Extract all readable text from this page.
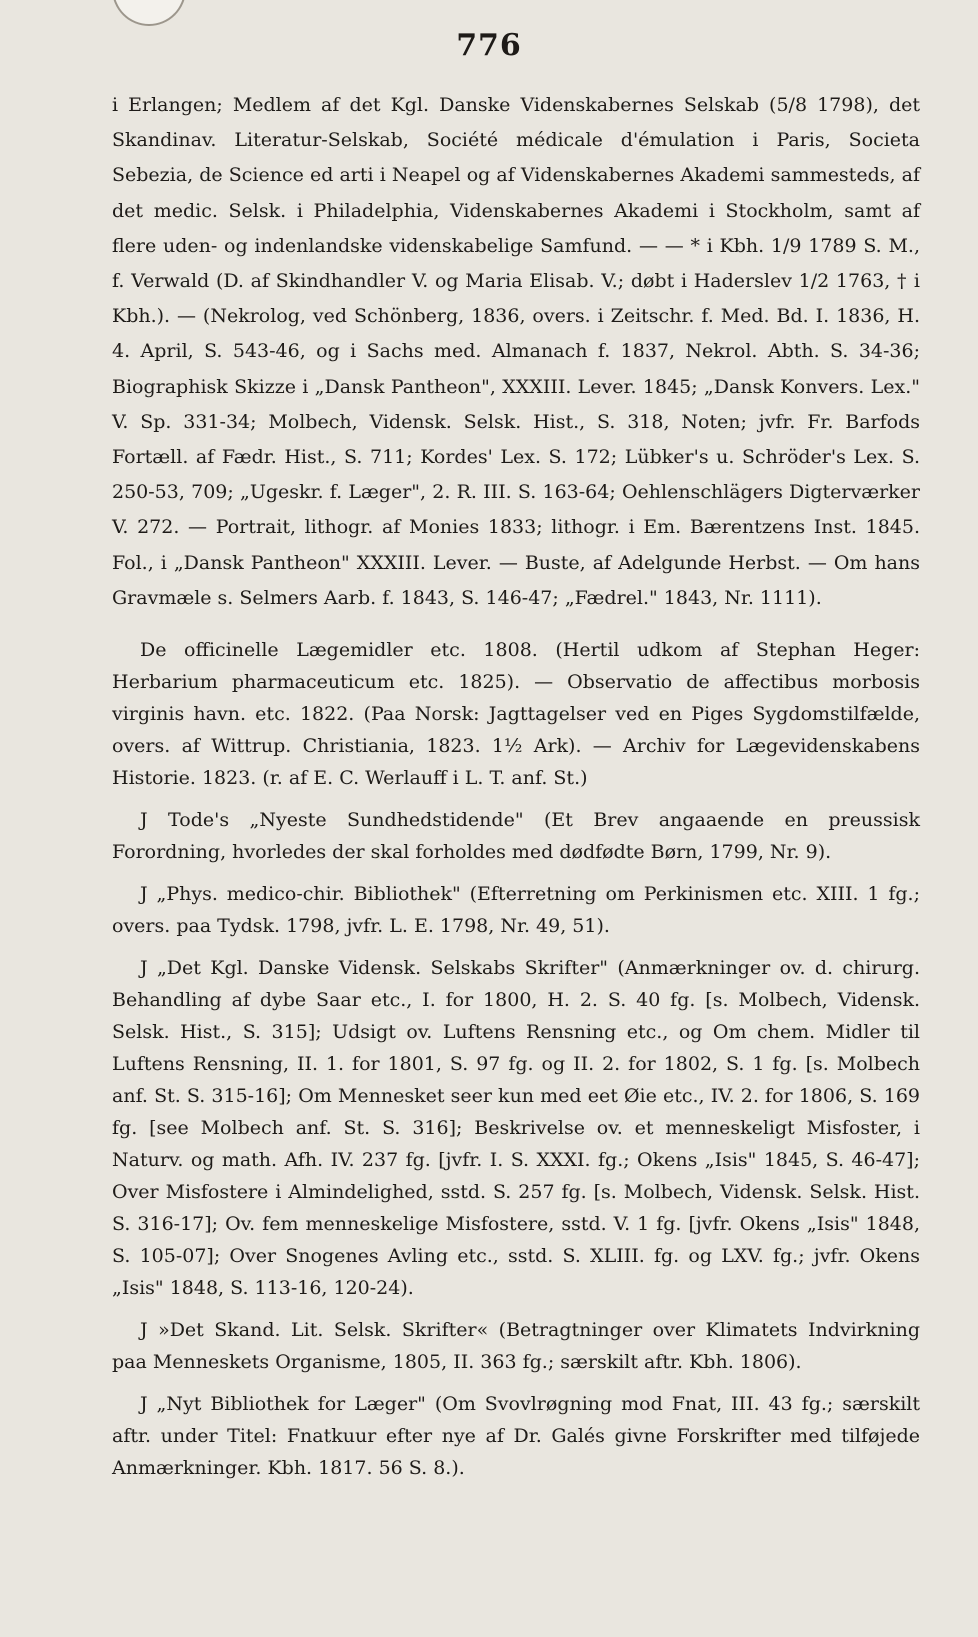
776

i Erlangen; Medlem af det Kgl. Danske Videnskabernes Selskab (5/8 1798), det Skandinav. Literatur-Selskab, Société médicale d'émulation i Paris, Societa Sebezia, de Science ed arti i Neapel og af Videnskabernes Akademi sammesteds, af det medic. Selsk. i Philadelphia, Videnskabernes Akademi i Stockholm, samt af flere uden- og indenlandske videnskabelige Samfund. — — * i Kbh. 1/9 1789 S. M., f. Verwald (D. af Skindhandler V. og Maria Elisab. V.; døbt i Haderslev 1/2 1763, † i Kbh.). — (Nekrolog, ved Schönberg, 1836, overs. i Zeitschr. f. Med. Bd. I. 1836, H. 4. April, S. 543-46, og i Sachs med. Almanach f. 1837, Nekrol. Abth. S. 34-36; Biographisk Skizze i „Dansk Pantheon", XXXIII. Lever. 1845; „Dansk Konvers. Lex." V. Sp. 331-34; Molbech, Vidensk. Selsk. Hist., S. 318, Noten; jvfr. Fr. Barfods Fortæll. af Fædr. Hist., S. 711; Kordes' Lex. S. 172; Lübker's u. Schröder's Lex. S. 250-53, 709; „Ugeskr. f. Læger", 2. R. III. S. 163-64; Oehlenschlägers Digterværker V. 272. — Portrait, lithogr. af Monies 1833; lithogr. i Em. Bærentzens Inst. 1845. Fol., i „Dansk Pantheon" XXXIII. Lever. — Buste, af Adelgunde Herbst. — Om hans Gravmæle s. Selmers Aarb. f. 1843, S. 146-47; „Fædrel." 1843, Nr. 1111).

De officinelle Lægemidler etc. 1808. (Hertil udkom af Stephan Heger: Herbarium pharmaceuticum etc. 1825). — Observatio de affectibus morbosis virginis havn. etc. 1822. (Paa Norsk: Jagttagelser ved en Piges Sygdomstilfælde, overs. af Wittrup. Christiania, 1823. 1½ Ark). — Archiv for Lægevidenskabens Historie. 1823. (r. af E. C. Werlauff i L. T. anf. St.)

J Tode's „Nyeste Sundhedstidende" (Et Brev angaaende en preussisk Forordning, hvorledes der skal forholdes med dødfødte Børn, 1799, Nr. 9).

J „Phys. medico-chir. Bibliothek" (Efterretning om Perkinismen etc. XIII. 1 fg.; overs. paa Tydsk. 1798, jvfr. L. E. 1798, Nr. 49, 51).

J „Det Kgl. Danske Vidensk. Selskabs Skrifter" (Anmærkninger ov. d. chirurg. Behandling af dybe Saar etc., I. for 1800, H. 2. S. 40 fg. [s. Molbech, Vidensk. Selsk. Hist., S. 315]; Udsigt ov. Luftens Rensning etc., og Om chem. Midler til Luftens Rensning, II. 1. for 1801, S. 97 fg. og II. 2. for 1802, S. 1 fg. [s. Molbech anf. St. S. 315-16]; Om Mennesket seer kun med eet Øie etc., IV. 2. for 1806, S. 169 fg. [see Molbech anf. St. S. 316]; Beskrivelse ov. et menneskeligt Misfoster, i Naturv. og math. Afh. IV. 237 fg. [jvfr. I. S. XXXI. fg.; Okens „Isis" 1845, S. 46-47]; Over Misfostere i Almindelighed, sstd. S. 257 fg. [s. Molbech, Vidensk. Selsk. Hist. S. 316-17]; Ov. fem menneskelige Misfostere, sstd. V. 1 fg. [jvfr. Okens „Isis" 1848, S. 105-07]; Over Snogenes Avling etc., sstd. S. XLIII. fg. og LXV. fg.; jvfr. Okens „Isis" 1848, S. 113-16, 120-24).

J »Det Skand. Lit. Selsk. Skrifter« (Betragtninger over Klimatets Indvirkning paa Menneskets Organisme, 1805, II. 363 fg.; særskilt aftr. Kbh. 1806).

J „Nyt Bibliothek for Læger" (Om Svovlrøgning mod Fnat, III. 43 fg.; særskilt aftr. under Titel: Fnatkuur efter nye af Dr. Galés givne Forskrifter med tilføjede Anmærkninger. Kbh. 1817. 56 S. 8.).
